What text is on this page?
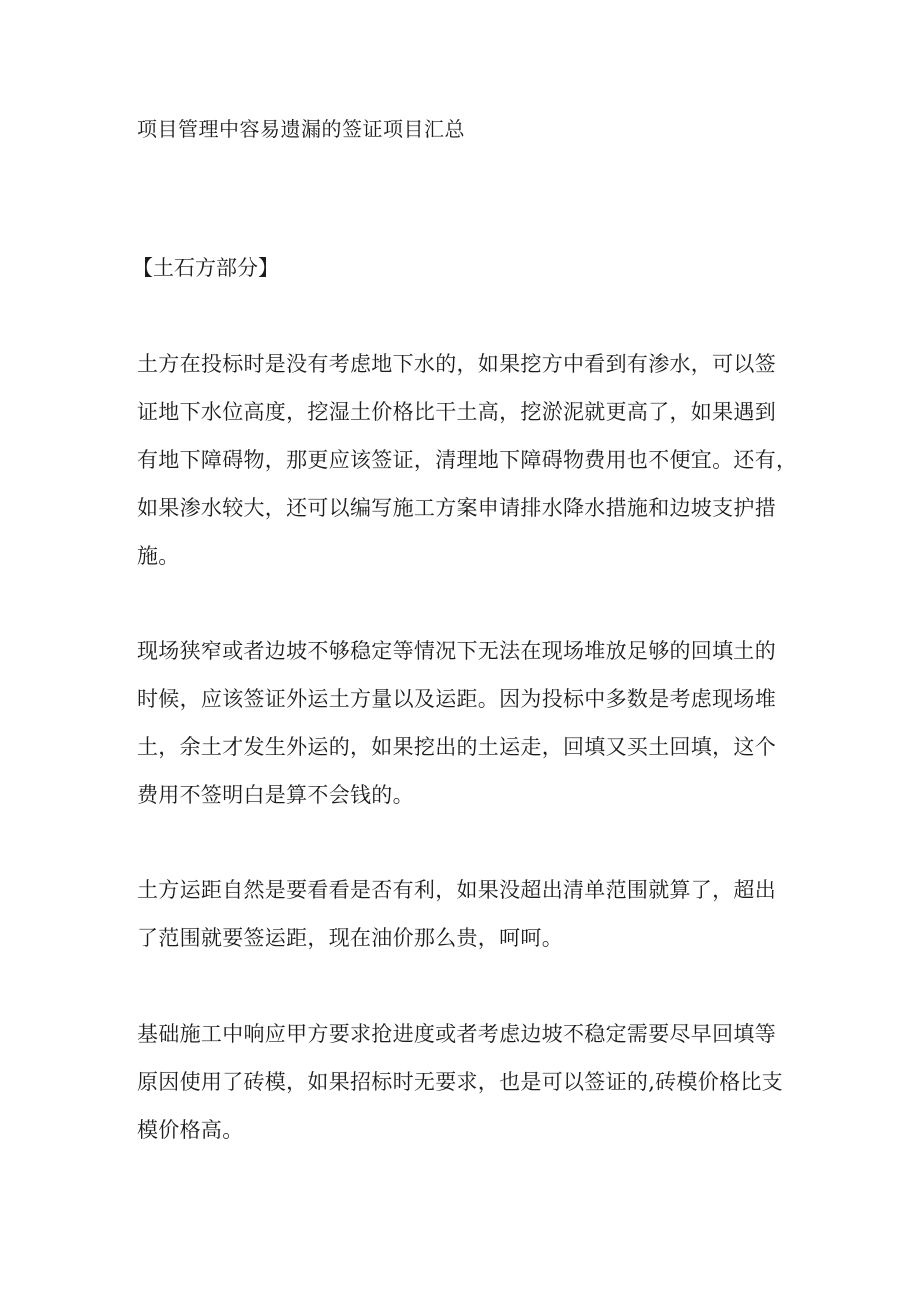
项目管理中容易遗漏的签证项目汇总
【土石方部分】

土方在投标时是没有考虑地下水的，如果挖方中看到有渗水，可以签
证地下水位高度，挖湿土价格比干土高，挖淤泥就更高了，如果遇到
有地下障碍物，那更应该签证，清理地下障碍物费用也不便宜。还有，
如果渗水较大，还可以编写施工方案申请排水降水措施和边坡支护措
施。

现场狭窄或者边坡不够稳定等情况下无法在现场堆放足够的回填土的
时候，应该签证外运土方量以及运距。因为投标中多数是考虑现场堆
土，余土才发生外运的，如果挖出的土运走，回填又买土回填，这个
费用不签明白是算不会钱的。

土方运距自然是要看看是否有利，如果没超出清单范围就算了，超出
了范围就要签运距，现在油价那么贵，呵呵。

基础施工中响应甲方要求抢进度或者考虑边坡不稳定需要尽早回填等
原因使用了砖模，如果招标时无要求，也是可以签证的,砖模价格比支
模价格高。
